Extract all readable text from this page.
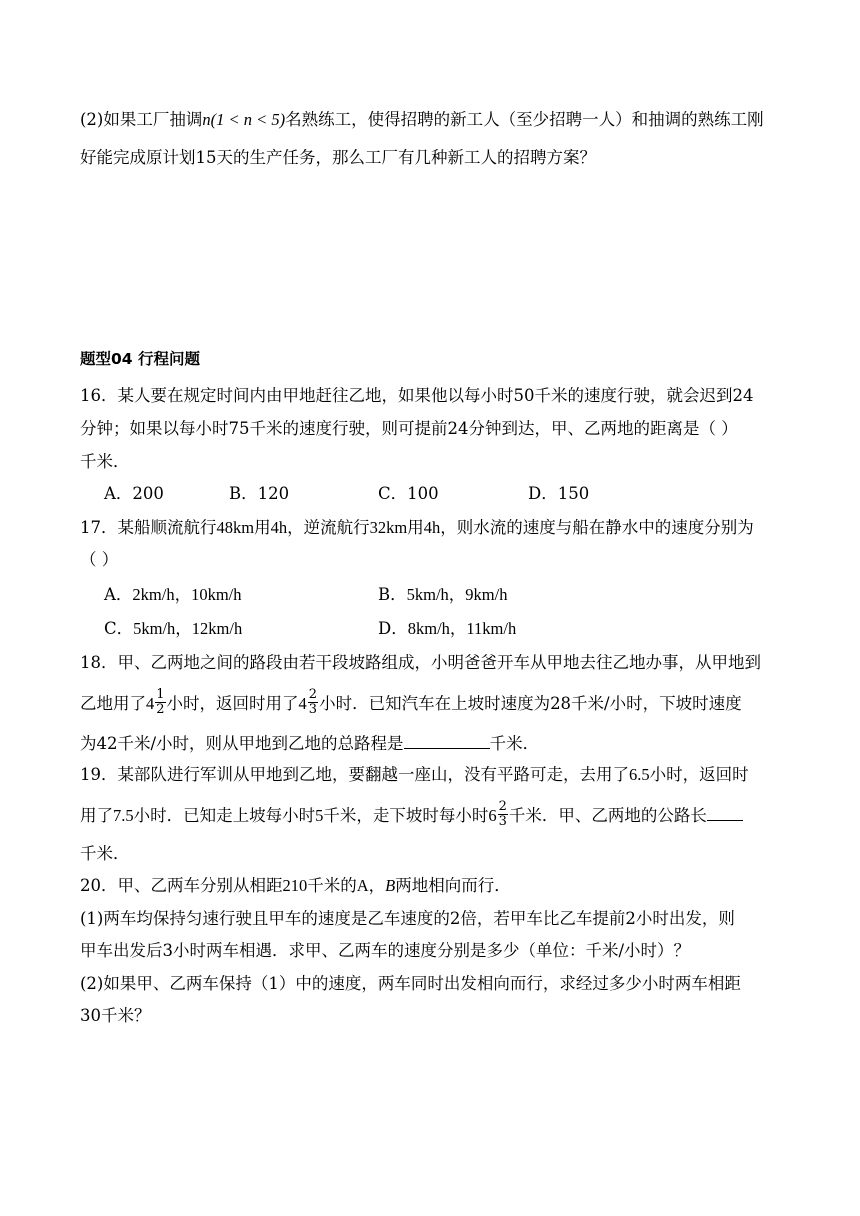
(2)如果工厂抽调n(1 < n < 5)名熟练工，使得招聘的新工人（至少招聘一人）和抽调的熟练工刚
好能完成原计划15天的生产任务，那么工厂有几种新工人的招聘方案？
题型04 行程问题
16．某人要在规定时间内由甲地赶往乙地，如果他以每小时50千米的速度行驶，就会迟到24
分钟；如果以每小时75千米的速度行驶，则可提前24分钟到达，甲、乙两地的距离是（ ）
千米．
A．200	B．120	C．100	D．150
17．某船顺流航行48km用4h，逆流航行32km用4h，则水流的速度与船在静水中的速度分别为
（ ）
A．2km/h，10km/h	B．5km/h，9km/h
C．5km/h，12km/h	D．8km/h，11km/h
18．甲、乙两地之间的路段由若干段坡路组成，小明爸爸开车从甲地去往乙地办事，从甲地到
乙地用了$4 \frac{1}{2}$ 小时，返回时用了$4 \frac{2}{3}$ 小时．已知汽车在上坡时速度为28千米/小时，下坡时速度
为42千米/小时，则从甲地到乙地的总路程是	千米．
19．某部队进行军训从甲地到乙地，要翻越一座山，没有平路可走，去用了6.5小时，返回时
用了7.5小时．已知走上坡每小时5千米，走下坡时每小时$6 \frac{2}{3}$ 千米．甲、乙两地的公路长
千米．
20．甲、乙两车分别从相距210千米的A，B两地相向而行．
(1)两车均保持匀速行驶且甲车的速度是乙车速度的2倍，若甲车比乙车提前2小时出发，则
甲车出发后3小时两车相遇．求甲、乙两车的速度分别是多少（单位：千米/小时）？
(2)如果甲、乙两车保持（1）中的速度，两车同时出发相向而行，求经过多少小时两车相距
30千米？
